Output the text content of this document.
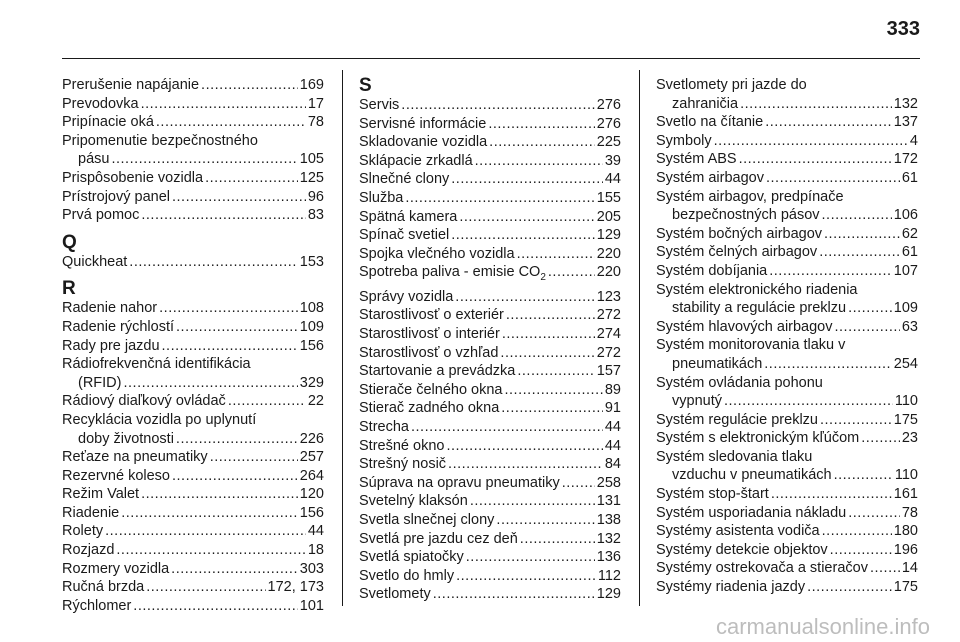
333
Prerušenie napájanie .....	169
Prevodovka .....	17
Pripínacie oká .....	78
Pripomenutie bezpečnostného
pásu .....	105
Prispôsobenie vozidla .....	125
Prístrojový panel .....	96
Prvá pomoc .....	83
Q
Quickheat .....	153
R
Radenie nahor .....	108
Radenie rýchlostí .....	109
Rady pre jazdu .....	156
Rádiofrekvenčná identifikácia
(RFID) .....	329
Rádiový diaľkový ovládač .....	22
Recyklácia vozidla po uplynutí
doby životnosti .....	226
Reťaze na pneumatiky .....	257
Rezervné koleso .....	264
Režim Valet .....	120
Riadenie .....	156
Rolety .....	44
Rozjazd .....	18
Rozmery vozidla .....	303
Ručná brzda .....	172, 173
Rýchlomer .....	101
S
Servis .....	276
Servisné informácie .....	276
Skladovanie vozidla .....	225
Sklápacie zrkadlá .....	39
Slnečné clony .....	44
Služba .....	155
Spätná kamera .....	205
Spínač svetiel .....	129
Spojka vlečného vozidla .....	220
Spotreba paliva - emisie $CO_2$ .....	220
Správy vozidla .....	123
Starostlivosť o exteriér .....	272
Starostlivosť o interiér .....	274
Starostlivosť o vzhľad .....	272
Startovanie a prevádzka .....	157
Stierače čelného okna .....	89
Stierač zadného okna .....	91
Strecha .....	44
Strešné okno .....	44
Strešný nosič .....	84
Súprava na opravu pneumatiky .....	258
Svetelný klaksón .....	131
Svetla slnečnej clony .....	138
Svetlá pre jazdu cez deň .....	132
Svetlá spiatočky .....	136
Svetlo do hmly .....	112
Svetlomety .....	129
Svetlomety pri jazde do
zahraničia .....	132
Svetlo na čítanie .....	137
Symboly .....	4
Systém ABS .....	172
Systém airbagov .....	61
Systém airbagov, predpínače
bezpečnostných pásov .....	106
Systém bočných airbagov .....	62
Systém čelných airbagov .....	61
Systém dobíjania .....	107
Systém elektronického riadenia
stability a regulácie preklzu .....	109
Systém hlavových airbagov .....	63
Systém monitorovania tlaku v
pneumatikách .....	254
Systém ovládania pohonu
vypnutý .....	110
Systém regulácie preklzu .....	175
Systém s elektronickým kľúčom .....	23
Systém sledovania tlaku
vzduchu v pneumatikách .....	110
Systém stop-štart .....	161
Systém usporiadania nákladu .....	78
Systémy asistenta vodiča .....	180
Systémy detekcie objektov .....	196
Systémy ostrekovača a stieračov ..... 14
Systémy riadenia jazdy .....	175
carmanualsonline.info
